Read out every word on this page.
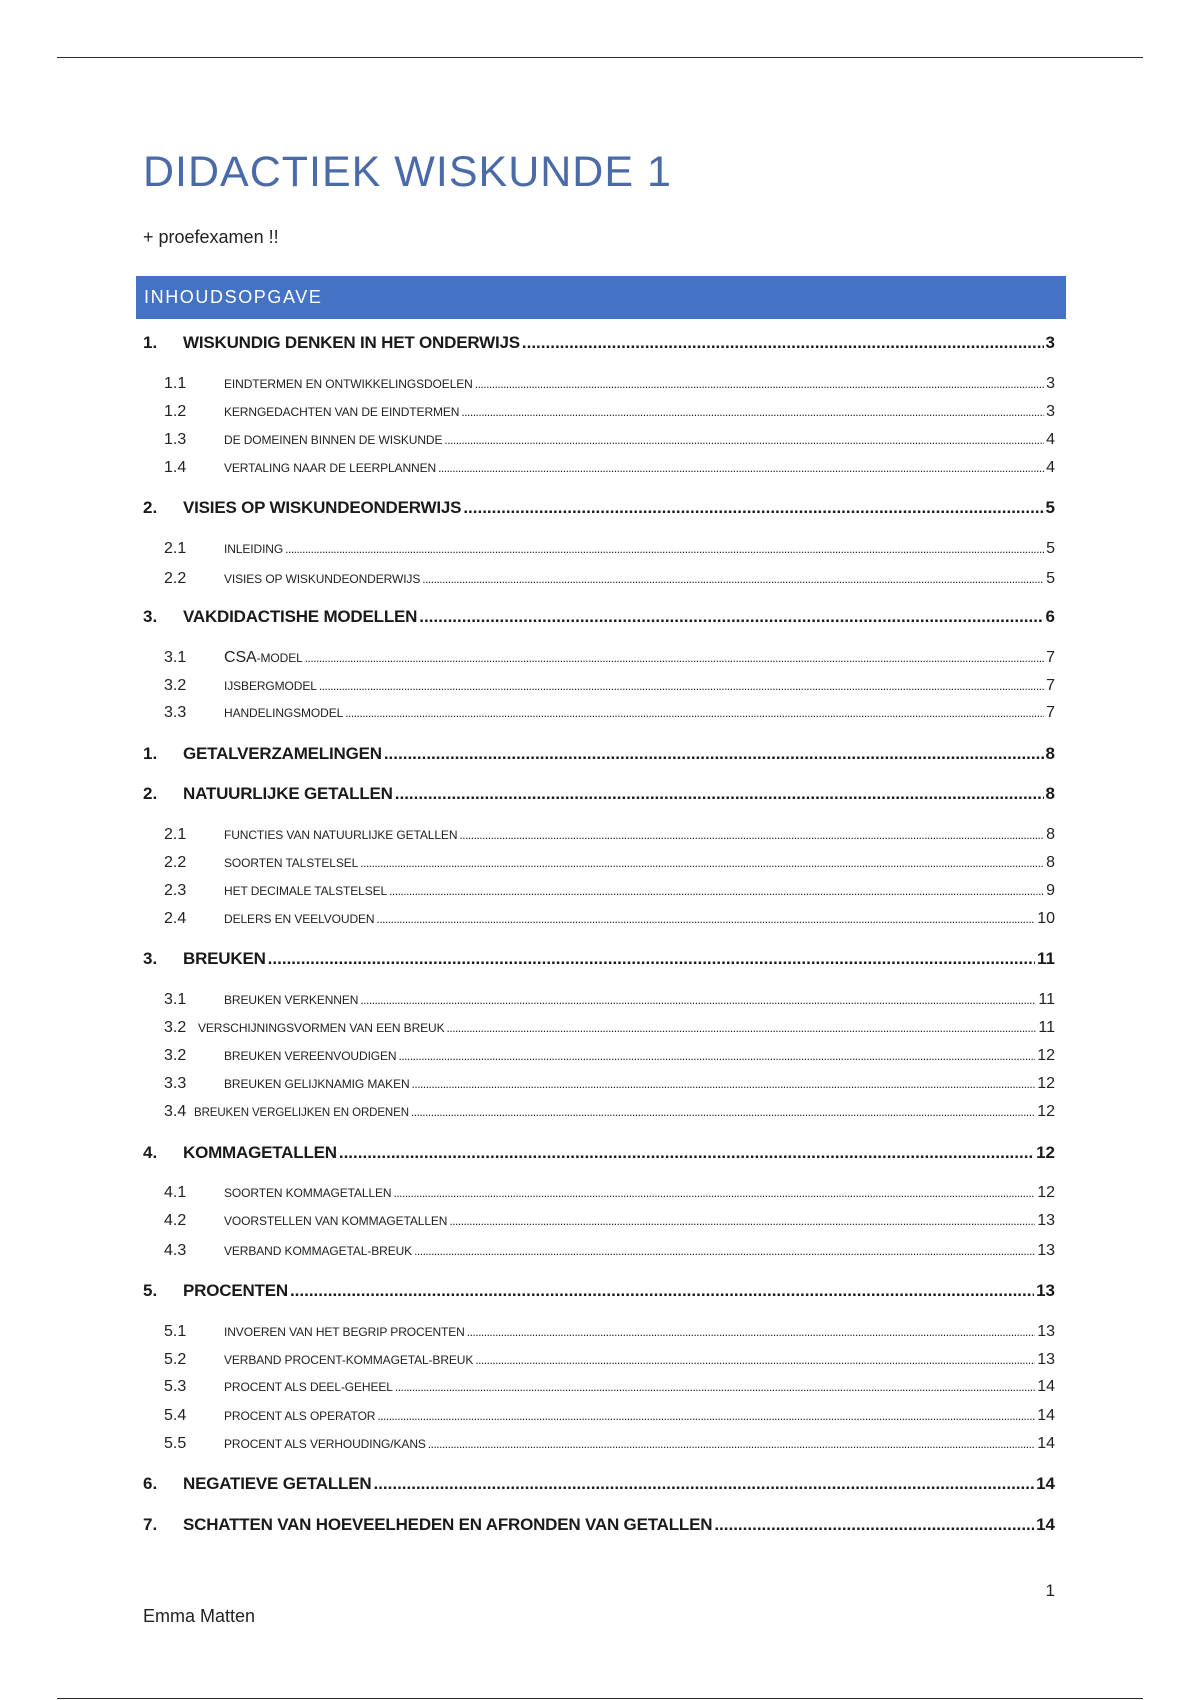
DIDACTIEK WISKUNDE 1
+ proefexamen !!
INHOUDSOPGAVE
1. WISKUNDIG DENKEN IN HET ONDERWIJS .....	3
1.1	EINDTERMEN EN ONTWIKKELINGSDOELEN .....	3
1.2	KERNGEDACHTEN VAN DE EINDTERMEN .....	3
1.3	DE DOMEINEN BINNEN DE WISKUNDE .....	4
1.4	VERTALING NAAR DE LEERPLANNEN .....	4
2. VISIES OP WISKUNDEONDERWIJS .....	5
2.1	INLEIDING .....	5
2.2	VISIES OP WISKUNDEONDERWIJS .....	5
3. VAKDIDACTISHE MODELLEN .....	6
3.1 CSA-MODEL .....	7
3.2	IJSBERGMODEL .....	7
3.3	HANDELINGSMODEL .....	7
1. GETALVERZAMELINGEN .....	8
2. NATUURLIJKE GETALLEN .....	8
2.1	FUNCTIES VAN NATUURLIJKE GETALLEN .....	8
2.2	SOORTEN TALSTELSEL .....	8
2.3	HET DECIMALE TALSTELSEL .....	9
2.4	DELERS EN VEELVOUDEN .....	10
3. BREUKEN .....	11
3.1	BREUKEN VERKENNEN .....	11
3.2 VERSCHIJNINGSVORMEN VAN EEN BREUK .....	11
3.2	BREUKEN VEREENVOUDIGEN .....	12
3.3	BREUKEN GELIJKNAMIG MAKEN .....	12
3.4 BREUKEN VERGELIJKEN EN ORDENEN .....	12
4. KOMMAGETALLEN .....	12
4.1	SOORTEN KOMMAGETALLEN .....	12
4.2	VOORSTELLEN VAN KOMMAGETALLEN .....	13
4.3	VERBAND KOMMAGETAL-BREUK .....	13
5. PROCENTEN .....	13
5.1	INVOEREN VAN HET BEGRIP PROCENTEN .....	13
5.2	VERBAND PROCENT-KOMMAGETAL-BREUK .....	13
5.3	PROCENT ALS DEEL-GEHEEL .....	14
5.4	PROCENT ALS OPERATOR .....	14
5.5	PROCENT ALS VERHOUDING/KANS .....	14
6. NEGATIEVE GETALLEN .....	14
7. SCHATTEN VAN HOEVEELHEDEN EN AFRONDEN VAN GETALLEN .....	14
1
Emma Matten
